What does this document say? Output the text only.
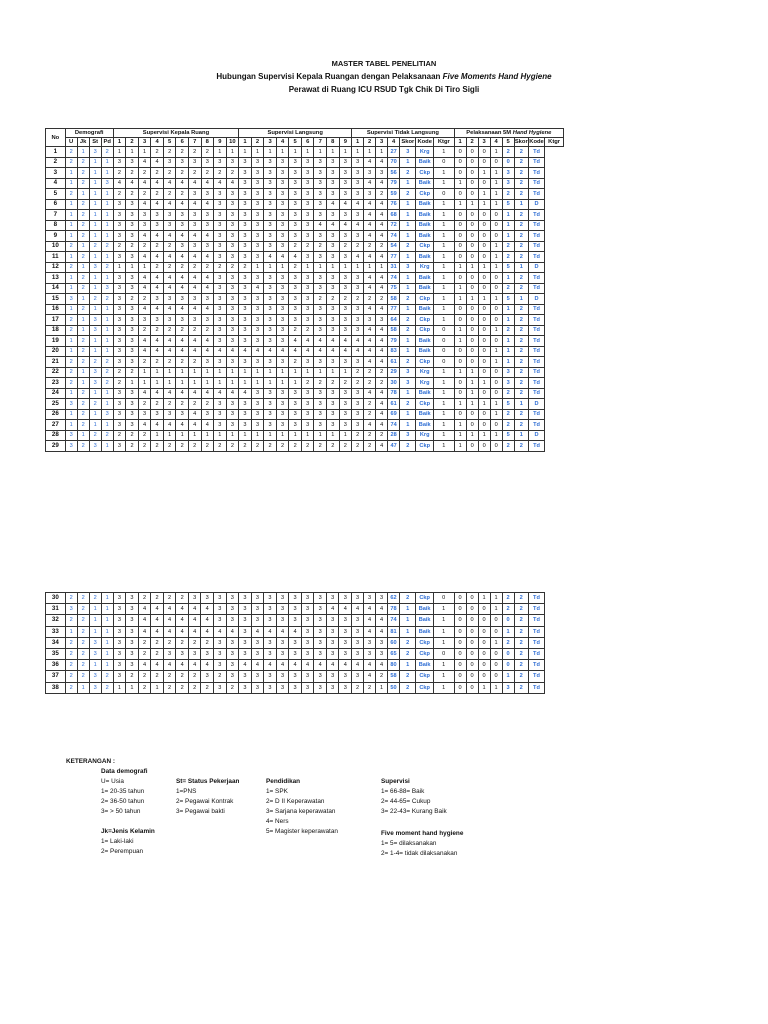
MASTER TABEL PENELITIAN
Hubungan Supervisi Kepala Ruangan dengan Pelaksanaan Five Moments Hand Hygiene
Perawat di Ruang ICU RSUD Tgk Chik Di Tiro Sigli
No	Demografi				Supervisi Kepala Ruang										Supervisi Langsung									Supervisi Tidak Langsung							Pelaksanaan 5M Hand Hygiene							
	U	Jk	St	Pd	1	2	3	4	5	6	7	8	9	10	1	2	3	4	5	6	7	8	9	1	2	3	4	Skor	Kode	Ktgr	1	2	3	4	5	Skor	Kode	Ktgr
1	2	1	3	2	1	1	1	2	2	2	2	2	1	1	1	1	1	1	1	1	1	1	1	1	1	1	27	3	Krg	1	0	0	0	1	2	2	Td	
2	2	2	1	1	3	3	4	4	3	3	3	3	3	3	3	3	3	3	3	3	3	3	3	3	4	4	70	1	Baik	0	0	0	0	0	0	2	Td	
3	1	2	1	1	2	2	2	2	2	2	2	2	2	2	3	3	3	3	3	3	3	3	3	3	3	3	56	2	Ckp	1	0	0	1	1	3	2	Td	
4	1	2	1	3	4	4	4	4	4	4	4	4	4	4	3	3	3	3	3	3	3	3	3	3	4	4	79	1	Baik	1	1	0	0	1	3	2	Td	
5	2	1	1	1	2	2	2	2	2	2	3	3	3	3	3	3	3	3	3	3	3	3	3	3	3	2	59	2	Ckp	0	0	0	1	1	2	2	Td	
6	1	2	1	1	3	3	4	4	4	4	4	4	3	3	3	3	3	3	3	3	3	4	4	4	4	4	76	1	Baik	1	1	1	1	1	5	1	D	
7	1	2	1	1	3	3	3	3	3	3	3	3	3	3	3	3	3	3	3	3	3	3	3	3	4	4	68	1	Baik	1	0	0	0	0	1	2	Td	
8	1	2	1	1	3	3	3	3	3	3	3	3	3	3	3	3	3	3	3	3	4	4	4	4	4	4	72	1	Baik	1	0	0	0	0	1	2	Td	
9	1	2	1	1	3	3	4	4	4	4	4	4	3	3	3	3	3	3	3	3	3	3	3	3	4	4	74	1	Baik	1	0	0	0	0	1	2	Td	
10	2	1	2	2	2	2	2	2	2	3	3	3	3	3	3	3	3	3	2	2	2	3	2	2	2	2	54	2	Ckp	1	0	0	0	1	2	2	Td	
11	1	2	1	1	3	3	4	4	4	4	4	4	3	3	3	3	4	4	4	3	3	3	3	4	4	4	77	1	Baik	1	0	0	0	1	2	2	Td	
12	2	1	3	2	1	1	1	2	2	2	2	2	2	2	2	1	1	1	2	1	1	1	1	1	1	1	31	3	Krg	1	1	1	1	1	5	1	D	
13	1	2	1	1	3	3	4	4	4	4	4	4	3	3	3	3	3	3	3	3	3	3	3	3	4	4	74	1	Baik	1	0	0	0	0	1	2	Td	
14	1	2	1	3	3	3	4	4	4	4	4	4	3	3	3	4	3	3	3	3	3	3	3	3	4	4	75	1	Baik	1	1	0	0	0	2	2	Td	
15	3	1	2	2	3	2	2	3	3	3	3	3	3	3	3	3	3	3	3	3	2	2	2	2	2	2	58	2	Ckp	1	1	1	1	1	5	1	D	
16	1	2	1	1	3	3	4	4	4	4	4	4	3	3	3	3	3	3	3	3	3	3	3	3	4	4	77	1	Baik	1	0	0	0	0	1	2	Td	
17	2	1	3	1	3	3	3	3	3	3	3	3	3	3	3	3	3	3	3	3	3	3	3	3	3	3	64	2	Ckp	1	0	0	0	0	1	2	Td	
18	2	1	3	1	3	3	2	2	2	2	2	2	3	3	3	3	3	3	2	2	3	3	3	3	4	4	58	2	Ckp	0	1	0	0	1	2	2	Td	
19	1	2	1	1	3	3	4	4	4	4	4	4	3	3	3	3	3	3	4	4	4	4	4	4	4	4	79	1	Baik	0	1	0	0	0	1	2	Td	
20	1	2	1	1	3	3	4	4	4	4	4	4	4	4	4	4	4	4	4	4	4	4	4	4	4	4	83	1	Baik	0	0	0	0	1	1	2	Td	
21	2	2	2	2	3	3	2	2	2	2	2	3	3	3	3	3	3	3	2	3	3	3	3	3	4	4	61	2	Ckp	0	0	0	0	1	1	2	Td	
22	2	1	3	2	2	2	1	1	1	1	1	1	1	1	1	1	1	1	1	1	1	1	1	2	2	2	29	3	Krg	1	1	1	0	0	3	2	Td	
23	2	1	3	2	2	1	1	1	1	1	1	1	1	1	1	1	1	1	1	2	2	2	2	2	2	2	30	3	Krg	1	0	1	1	0	3	2	Td	
24	1	2	1	1	3	3	4	4	4	4	4	4	4	4	4	3	3	3	3	3	3	3	3	3	4	4	78	1	Baik	1	0	1	0	0	2	2	Td	
25	3	2	2	1	3	3	2	2	2	2	2	2	3	3	3	3	3	3	3	3	3	3	3	3	2	4	61	2	Ckp	1	1	1	1	1	5	1	D	
26	1	2	1	3	3	3	3	3	3	3	4	3	3	3	3	3	3	3	3	3	3	3	3	3	2	4	69	1	Baik	1	0	0	0	1	2	2	Td	
27	1	2	1	1	3	3	4	4	4	4	4	4	3	3	3	3	3	3	3	3	3	3	3	3	4	4	74	1	Baik	1	1	0	0	0	2	2	Td	
28	3	1	2	2	2	2	2	1	1	1	1	1	1	1	1	1	1	1	1	1	1	1	1	2	2	2	28	3	Krg	1	1	1	1	1	5	1	D	
29	3	2	3	1	3	2	2	2	2	2	2	2	2	2	2	2	2	2	2	2	2	2	2	2	2	4	47	2	Ckp	1	1	0	0	0	2	2	Td	
30	2	2	2	1	3	3	2	2	2	2	3	3	3	3	3	3	3	3	3	3	3	3	3	3	3	3	62	2	Ckp	0	0	0	1	1	2	2	Td
31	3	2	1	1	3	3	4	4	4	4	4	4	3	3	3	3	3	3	3	3	3	4	4	4	4	4	78	1	Baik	1	0	0	0	1	2	2	Td
32	2	2	1	1	3	3	4	4	4	4	4	4	3	3	3	3	3	3	3	3	3	3	3	3	4	4	74	1	Baik	1	0	0	0	0	0	2	Td
33	1	2	1	1	3	3	4	4	4	4	4	4	4	4	3	4	4	4	4	3	3	3	3	3	4	4	81	1	Baik	1	0	0	0	0	1	2	Td
34	2	2	3	1	3	3	2	2	2	2	2	2	3	3	3	3	3	3	3	3	3	3	3	3	3	3	60	2	Ckp	1	0	0	0	1	2	2	Td
35	2	2	3	1	3	3	2	2	3	3	3	3	3	3	3	3	3	3	3	3	3	3	3	3	3	3	65	2	Ckp	0	0	0	0	0	0	2	Td
36	2	2	1	1	3	3	4	4	4	4	4	4	3	3	4	4	4	4	4	4	4	4	4	4	4	4	80	1	Baik	1	0	0	0	0	0	2	Td
37	2	2	3	2	3	2	2	2	2	2	2	3	2	3	3	3	3	3	3	3	3	3	3	3	4	2	58	2	Ckp	1	0	0	0	0	1	2	Td
38	2	1	3	2	1	1	2	1	2	2	2	2	3	2	3	3	3	3	3	3	3	3	3	2	2	1	50	2	Ckp	1	0	0	1	1	3	2	Td
KETERANGAN :
Data demografi
U= Usia
1= 20-35 tahun
2= 36-50 tahun
3= > 50 tahun
Jk=Jenis Kelamin
1= Laki-laki
2= Perempuan
St= Status Pekerjaan
1=PNS
2= Pegawai Kontrak
3= Pegawai bakti
Pendidikan
1= SPK
2= D II Keperawatan
3= Sarjana keperawatan
4= Ners
5= Magister keperawatan
Supervisi
1= 66-88= Baik
2= 44-65= Cukup
3= 22-43= Kurang Baik
Five moment hand hygiene
1= 5= dilaksanakan
2= 1-4= tidak dilaksanakan
